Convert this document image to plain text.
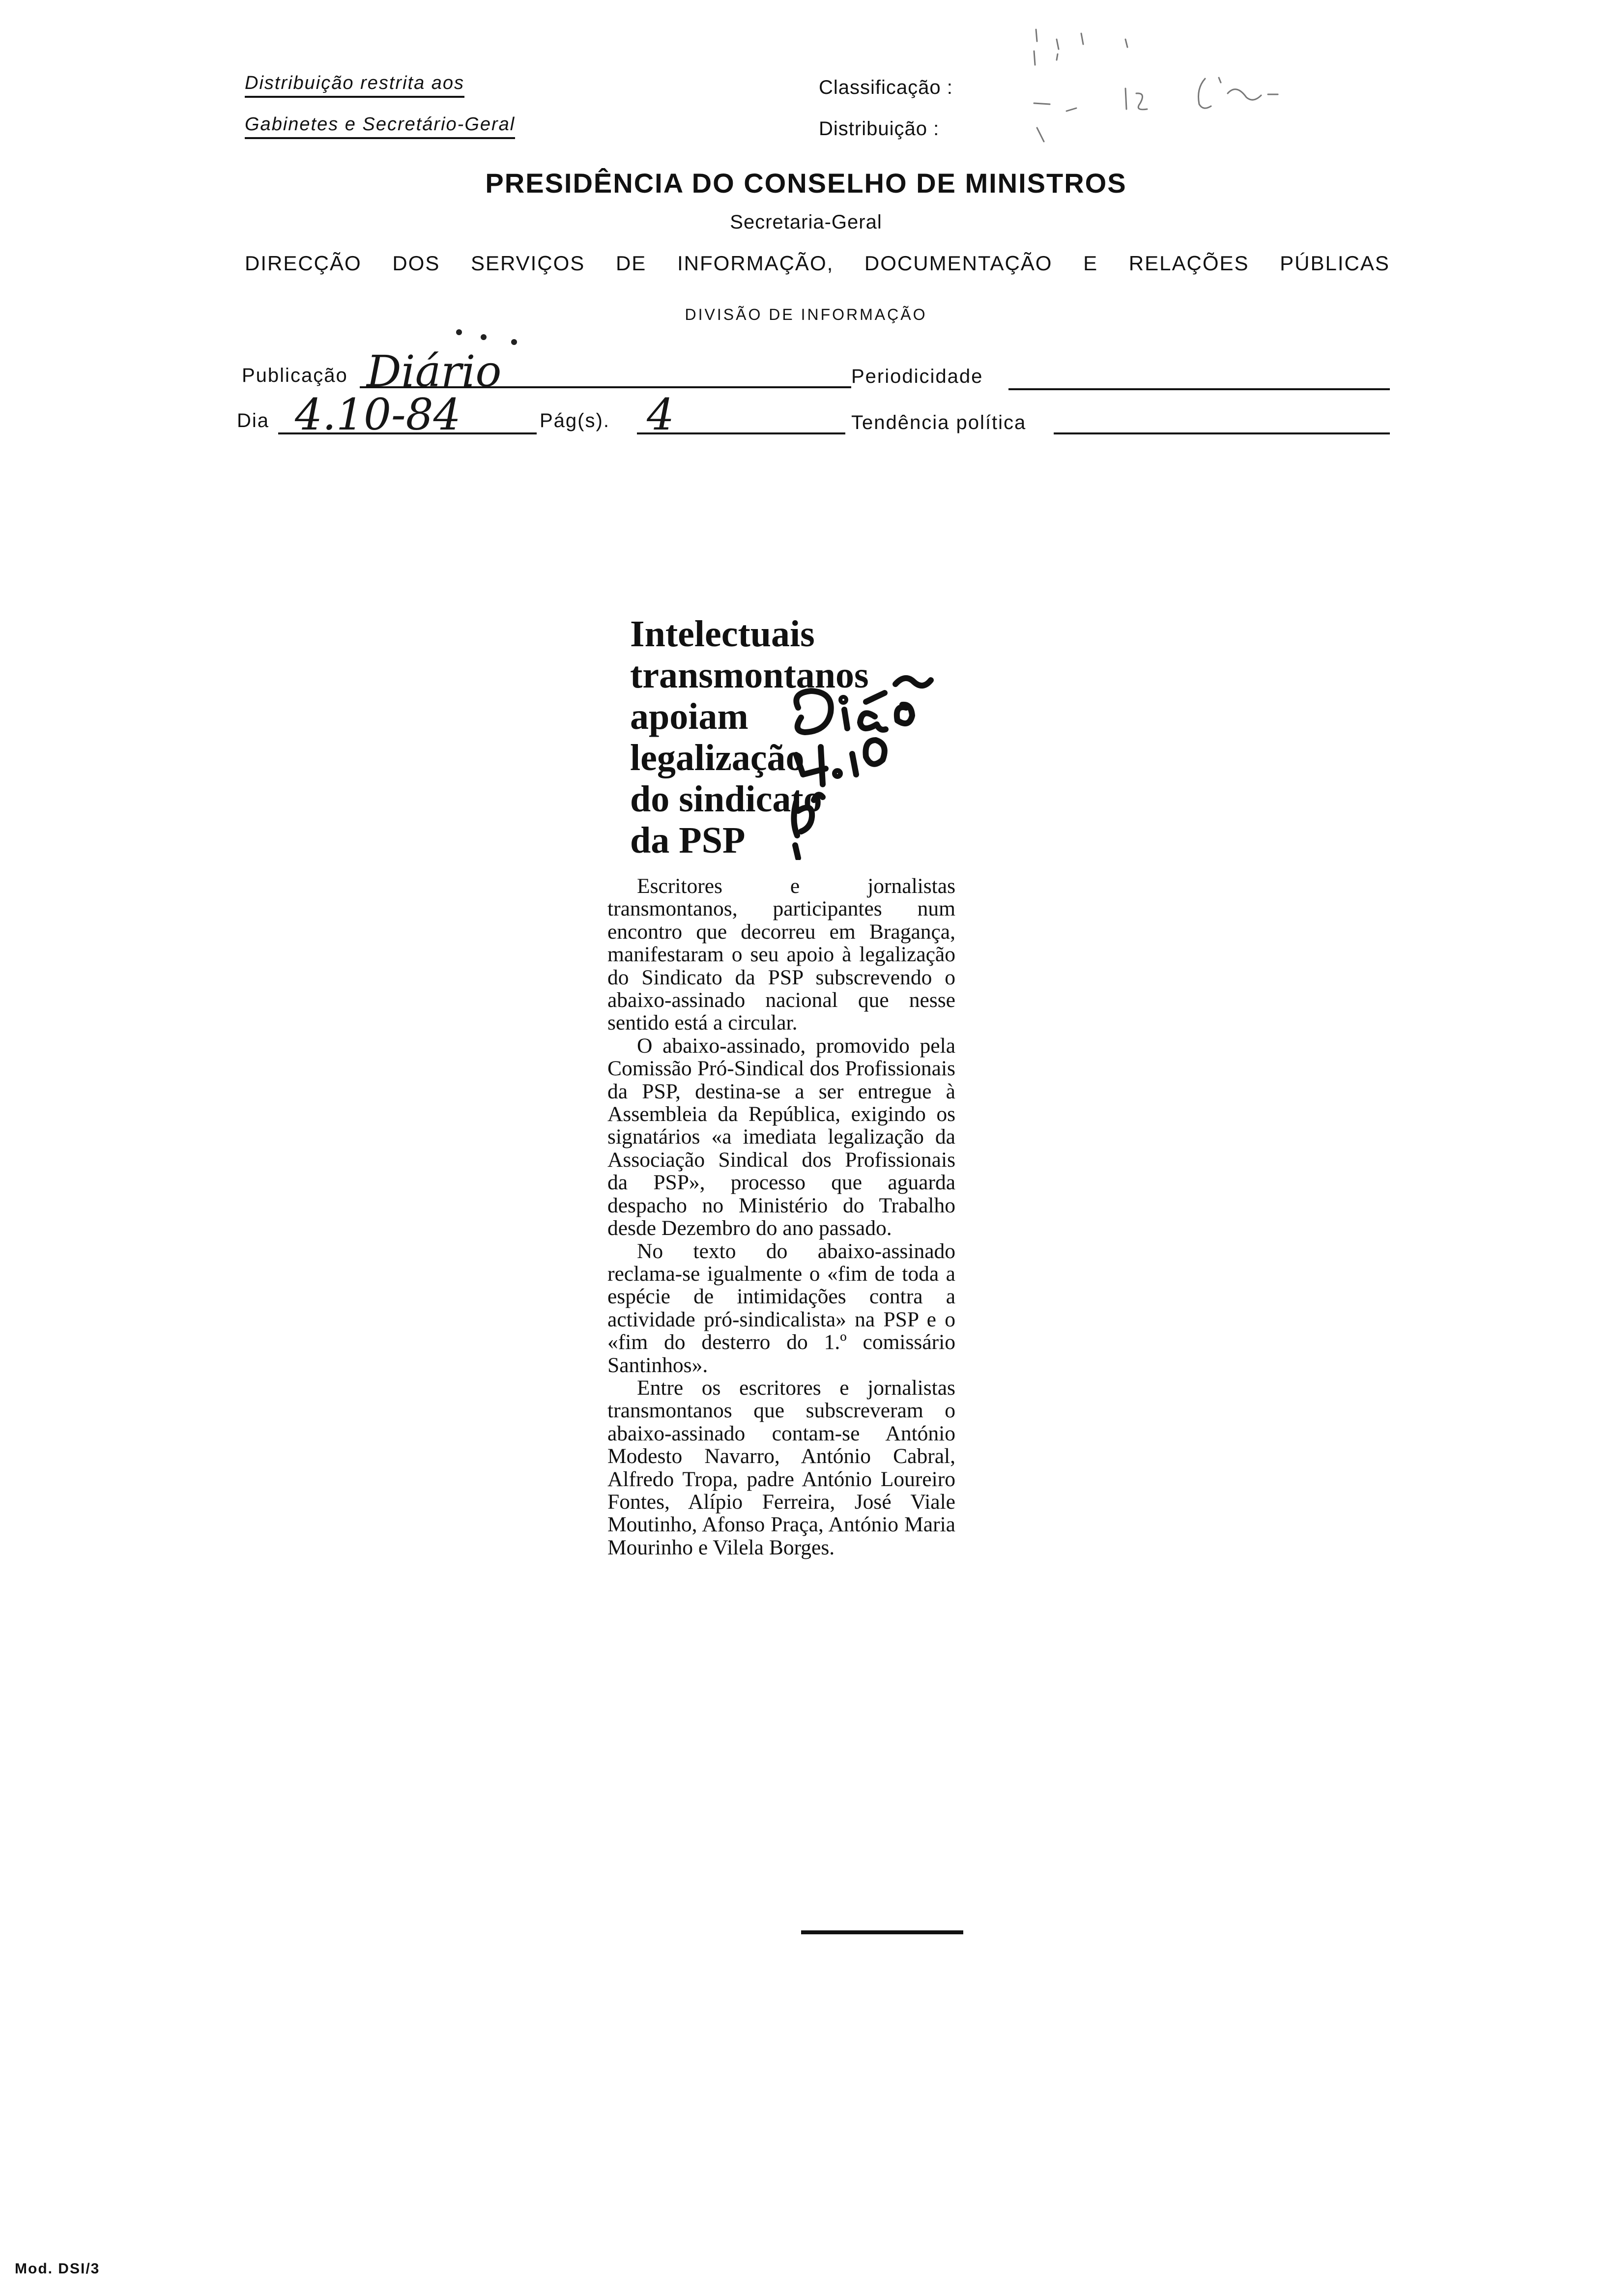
Distribuição restrita aos
Gabinetes e Secretário-Geral
Classificação :
Distribuição :
PRESIDÊNCIA DO CONSELHO DE MINISTROS
Secretaria-Geral
DIRECÇÃO DOS SERVIÇOS DE INFORMAÇÃO, DOCUMENTAÇÃO E RELAÇÕES PÚBLICAS
DIVISÃO DE INFORMAÇÃO
Publicação Diário	Periodicidade
Dia 4.10-84	Pág(s). 4	Tendência política
Intelectuais
transmontanos
apoiam
legalização
do sindicato
da PSP

Escritores e jornalistas transmontanos, participantes num encontro que decorreu em Bragança, manifestaram o seu apoio à legalização do Sindicato da PSP subscrevendo o abaixo-assinado nacional que nesse sentido está a circular.

O abaixo-assinado, promovido pela Comissão Pró-Sindical dos Profissionais da PSP, destina-se a ser entregue à Assembleia da República, exigindo os signatários «a imediata legalização da Associação Sindical dos Profissionais da PSP», processo que aguarda despacho no Ministério do Trabalho desde Dezembro do ano passado.

No texto do abaixo-assinado reclama-se igualmente o «fim de toda a espécie de intimidações contra a actividade pró-sindicalista» na PSP e o «fim do desterro do 1.º comissário Santinhos».

Entre os escritores e jornalistas transmontanos que subscreveram o abaixo-assinado contam-se António Modesto Navarro, António Cabral, Alfredo Tropa, padre António Loureiro Fontes, Alípio Ferreira, José Viale Moutinho, Afonso Praça, António Maria Mourinho e Vilela Borges.

Mod. DSI/3
